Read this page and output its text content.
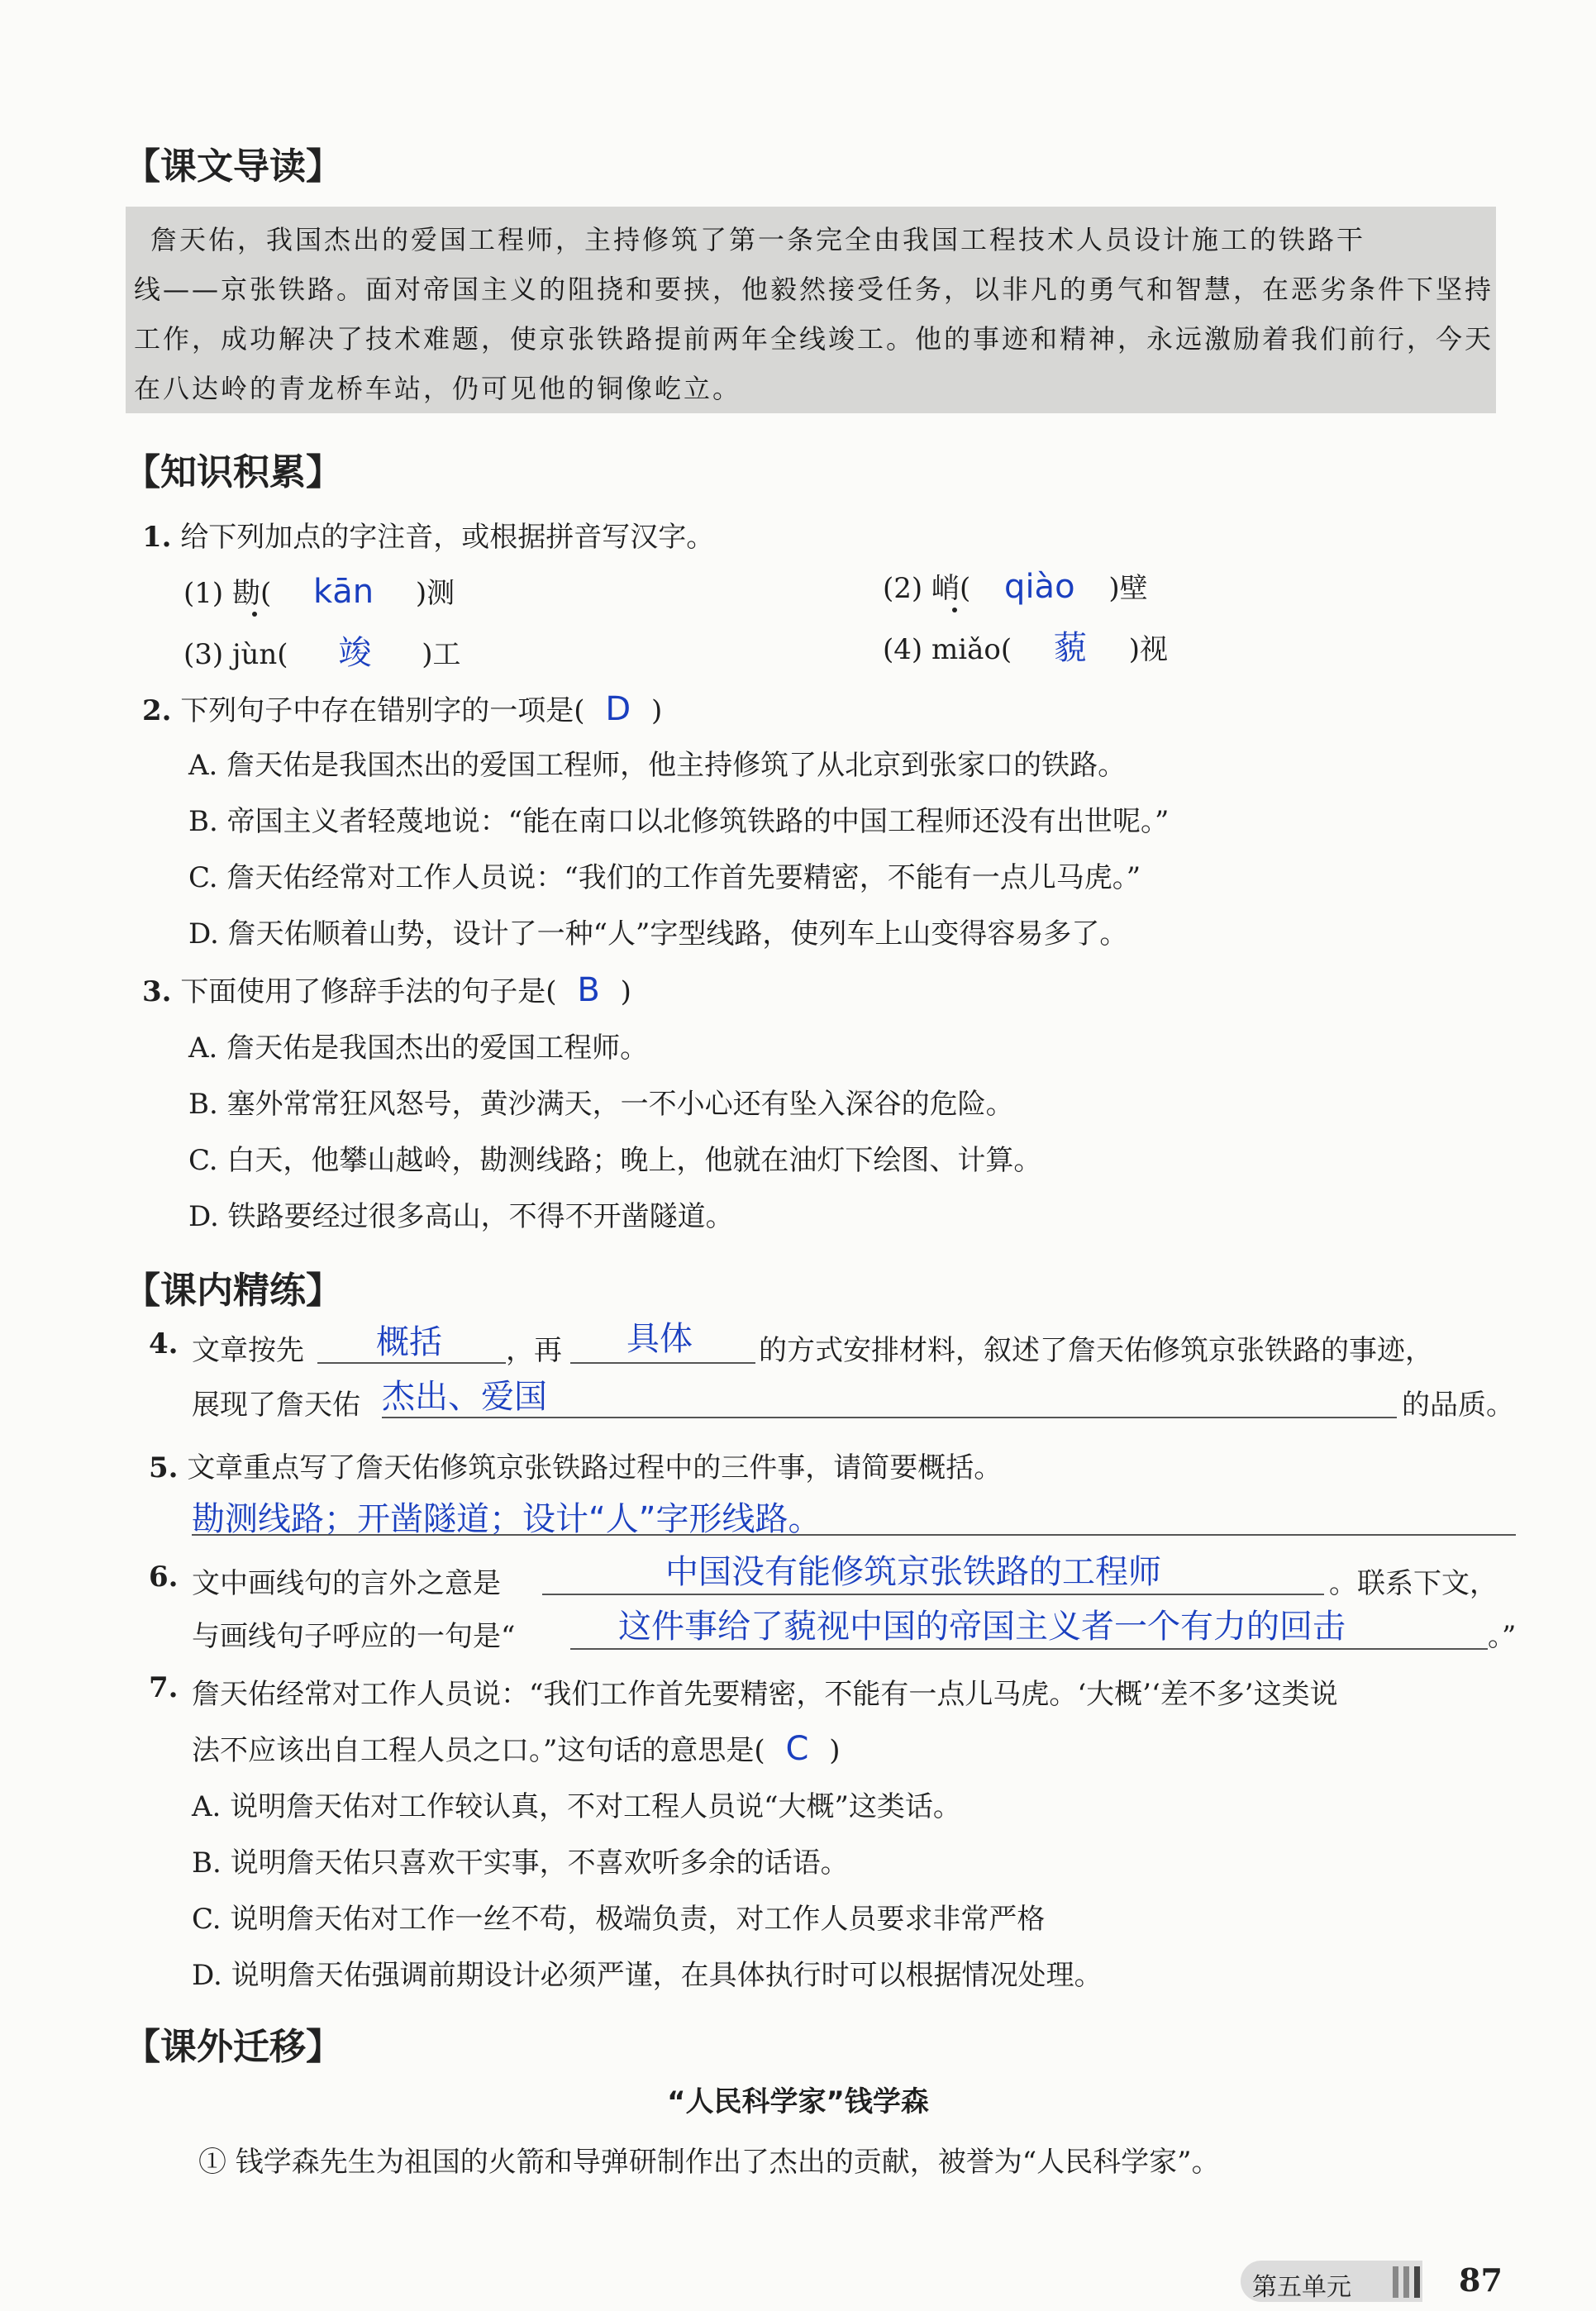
【课文导读】

詹天佑，我国杰出的爱国工程师，主持修筑了第一条完全由我国工程技术人员设计施工的铁路干

线——京张铁路。面对帝国主义的阻挠和要挟，他毅然接受任务，以非凡的勇气和智慧，在恶劣条件下坚持

工作，成功解决了技术难题，使京张铁路提前两年全线竣工。他的事迹和精神，永远激励着我们前行，今天

在八达岭的青龙桥车站，仍可见他的铜像屹立。

【知识积累】
1. 给下列加点的字注音，或根据拼音写汉字。
(1) 勘( kān )测	(2) 峭( qiào )壁
(3) jùn( 竣 )工	(4) miǎo( 藐 )视
2. 下列句子中存在错别字的一项是( D )
A. 詹天佑是我国杰出的爱国工程师，他主持修筑了从北京到张家口的铁路。
B. 帝国主义者轻蔑地说：“能在南口以北修筑铁路的中国工程师还没有出世呢。”
C. 詹天佑经常对工作人员说：“我们的工作首先要精密，不能有一点儿马虎。”
D. 詹天佑顺着山势，设计了一种“人”字型线路，使列车上山变得容易多了。
3. 下面使用了修辞手法的句子是( B )
A. 詹天佑是我国杰出的爱国工程师。
B. 塞外常常狂风怒号，黄沙满天，一不小心还有坠入深谷的危险。
C. 白天，他攀山越岭，勘测线路；晚上，他就在油灯下绘图、计算。
D. 铁路要经过很多高山，不得不开凿隧道。
【课内精练】
4. 文章按先 概括 ，再 具体 的方式安排材料，叙述了詹天佑修筑京张铁路的事迹，
展现了詹天佑 杰出、爱国	的品质。
5. 文章重点写了詹天佑修筑京张铁路过程中的三件事，请简要概括。
勘测线路；开凿隧道；设计“人”字形线路。
6. 文中画线句的言外之意是	中国没有能修筑京张铁路的工程师	。联系下文，
与画线句子呼应的一句是“	这件事给了藐视中国的帝国主义者一个有力的回击	。”
7. 詹天佑经常对工作人员说：“我们工作首先要精密，不能有一点儿马虎。‘大概’‘差不多’这类说
法不应该出自工程人员之口。”这句话的意思是( C )
A. 说明詹天佑对工作较认真，不对工程人员说“大概”这类话。
B. 说明詹天佑只喜欢干实事，不喜欢听多余的话语。
C. 说明詹天佑对工作一丝不苟，极端负责，对工作人员要求非常严格
D. 说明詹天佑强调前期设计必须严谨，在具体执行时可以根据情况处理。
【课外迁移】
“人民科学家”钱学森
① 钱学森先生为祖国的火箭和导弹研制作出了杰出的贡献，被誉为“人民科学家”。
第五单元	87
